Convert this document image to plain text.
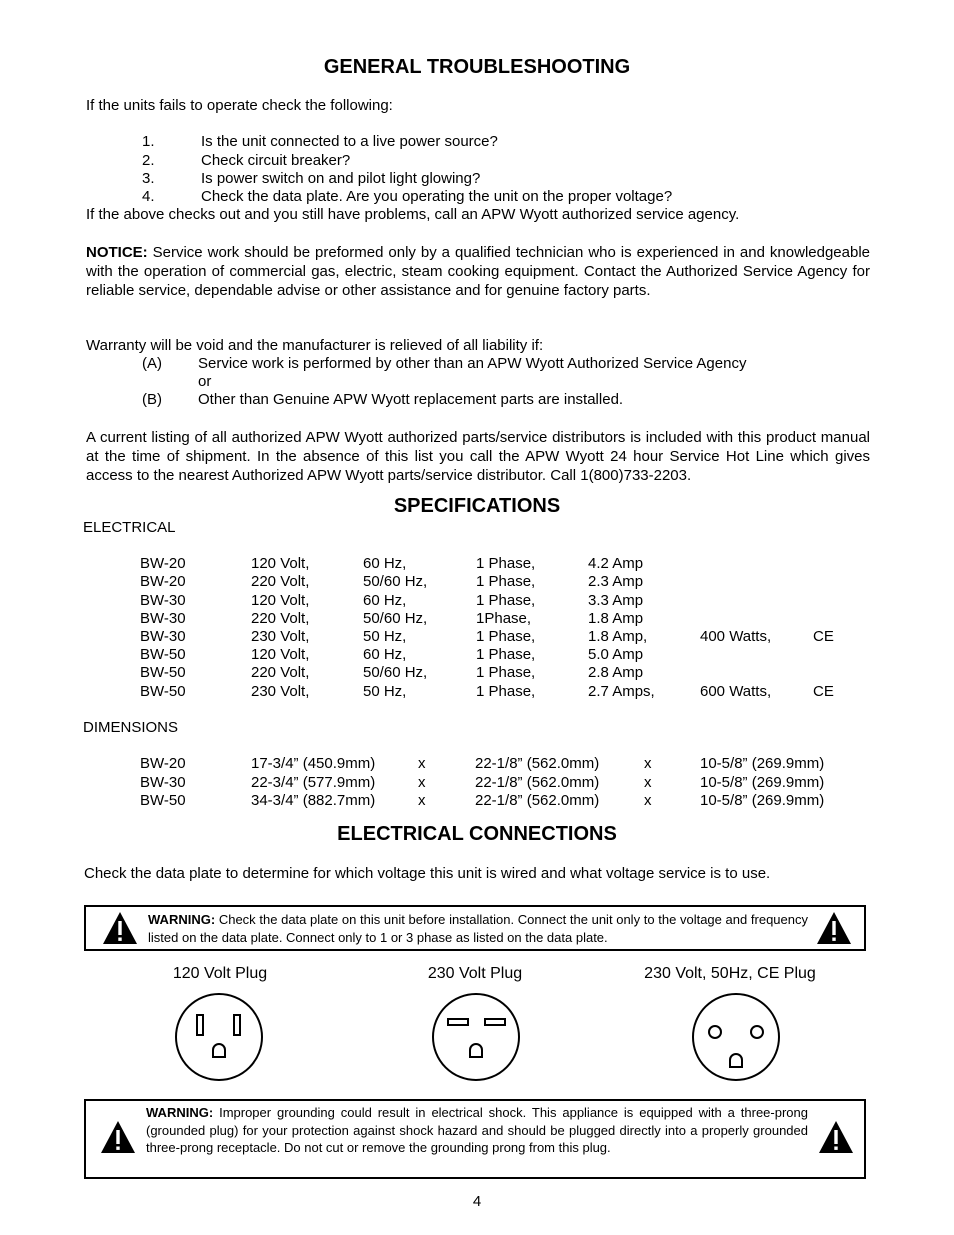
GENERAL TROUBLESHOOTING
If the units fails to operate check the following:
1.	Is the unit connected to a live power source?
2.	Check circuit breaker?
3.	Is power switch on and pilot light glowing?
4.	Check the data plate. Are you operating the unit on the proper voltage?
If the above checks out and you still have problems, call an APW Wyott authorized service agency.
NOTICE: Service work should be preformed only by a qualified technician who is experienced in and knowledgeable with the operation of commercial gas, electric, steam cooking equipment. Contact the Authorized Service Agency for reliable service, dependable advise or other assistance and for genuine factory parts.
Warranty will be void and the manufacturer is relieved of all liability if:
(A) Service work is performed by other than an APW Wyott Authorized Service Agency
or
(B) Other than Genuine APW Wyott replacement parts are installed.
A current listing of all authorized APW Wyott authorized parts/service distributors is included with this product manual at the time of shipment. In the absence of this list you call the APW Wyott 24 hour Service Hot Line which gives access to the nearest Authorized APW Wyott parts/service distributor. Call 1(800)733-2203.
SPECIFICATIONS
ELECTRICAL
BW-20	120 Volt,	60 Hz,	1 Phase,	4.2 Amp
BW-20	220 Volt,	50/60 Hz,	1 Phase,	2.3 Amp
BW-30	120 Volt,	60 Hz,	1 Phase,	3.3 Amp
BW-30	220 Volt,	50/60 Hz,	1Phase,	1.8 Amp
BW-30	230 Volt,	50 Hz,	1 Phase,	1.8 Amp,	400 Watts,	CE
BW-50	120 Volt,	60 Hz,	1 Phase,	5.0 Amp
BW-50	220 Volt,	50/60 Hz,	1 Phase,	2.8 Amp
BW-50	230 Volt,	50 Hz,	1 Phase,	2.7 Amps,	600 Watts,	CE
DIMENSIONS
BW-20	17-3/4” (450.9mm)	x	22-1/8” (562.0mm)	x	10-5/8” (269.9mm)
BW-30	22-3/4” (577.9mm)	x	22-1/8” (562.0mm)	x	10-5/8” (269.9mm)
BW-50	34-3/4” (882.7mm)	x	22-1/8” (562.0mm)	x	10-5/8” (269.9mm)
ELECTRICAL CONNECTIONS
Check the data plate to determine for which voltage this unit is wired and what voltage service is to use.
WARNING: Check the data plate on this unit before installation. Connect the unit only to the voltage and frequency listed on the data plate. Connect only to 1 or 3 phase as listed on the data plate.
120 Volt Plug	230 Volt Plug	230 Volt, 50Hz, CE Plug
WARNING: Improper grounding could result in electrical shock. This appliance is equipped with a three-prong (grounded plug) for your protection against shock hazard and should be plugged directly into a properly grounded three-prong receptacle. Do not cut or remove the grounding prong from this plug.
4
